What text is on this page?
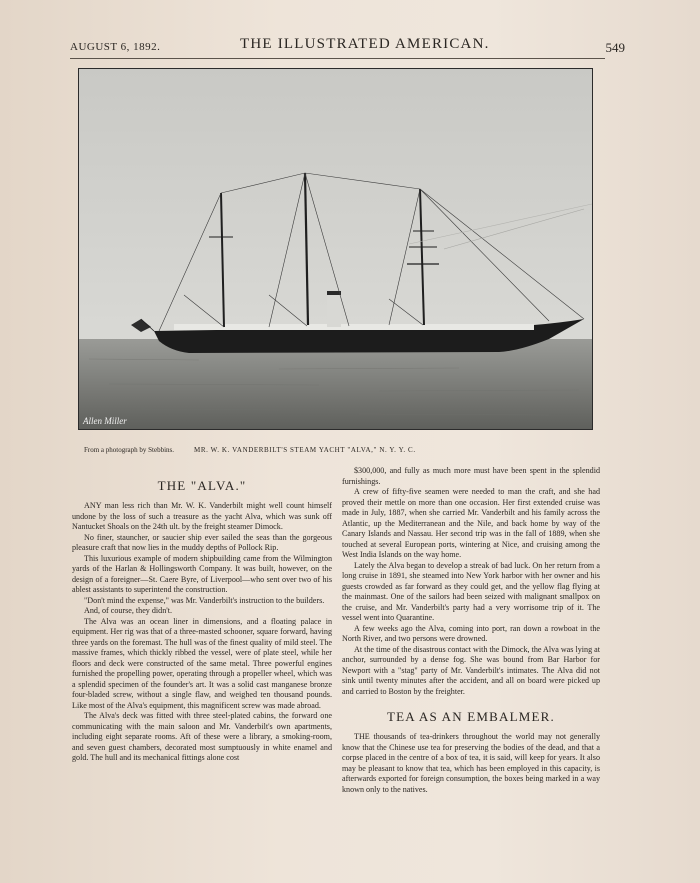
AUGUST 6, 1892.	THE ILLUSTRATED AMERICAN.	549
Allen Miller
From a photograph by Stebbins.	MR. W. K. VANDERBILT'S STEAM YACHT "ALVA," N. Y. Y. C.
THE "ALVA."

ANY man less rich than Mr. W. K. Vanderbilt might well count himself undone by the loss of such a treasure as the yacht Alva, which was sunk off Nantucket Shoals on the 24th ult. by the freight steamer Dimock.

No finer, stauncher, or saucier ship ever sailed the seas than the gorgeous pleasure craft that now lies in the muddy depths of Pollock Rip.

This luxurious example of modern shipbuilding came from the Wilmington yards of the Harlan & Hollingsworth Company. It was built, however, on the design of a foreigner—St. Caere Byre, of Liverpool—who sent over two of his ablest assistants to superintend the construction.

"Don't mind the expense," was Mr. Vanderbilt's instruction to the builders.

And, of course, they didn't.

The Alva was an ocean liner in dimensions, and a floating palace in equipment. Her rig was that of a three-masted schooner, square forward, having three yards on the foremast. The hull was of the finest quality of mild steel. The massive frames, which thickly ribbed the vessel, were of plate steel, while her floors and deck were constructed of the same metal. Three powerful engines furnished the propelling power, operating through a propeller wheel, which was a splendid specimen of the founder's art. It was a solid cast manganese bronze four-bladed screw, without a single flaw, and weighed ten thousand pounds. Like most of the Alva's equipment, this magnificent screw was made abroad.

The Alva's deck was fitted with three steel-plated cabins, the forward one communicating with the main saloon and Mr. Vanderbilt's own apartments, including eight separate rooms. Aft of these were a library, a smoking-room, and seven guest chambers, decorated most sumptuously in white enamel and gold. The hull and its mechanical fittings alone cost

$300,000, and fully as much more must have been spent in the splendid furnishings.

A crew of fifty-five seamen were needed to man the craft, and she had proved their mettle on more than one occasion. Her first extended cruise was made in July, 1887, when she carried Mr. Vanderbilt and his family across the Atlantic, up the Mediterranean and the Nile, and back home by way of the Canary Islands and Nassau. Her second trip was in the fall of 1889, when she touched at several European ports, wintering at Nice, and cruising among the West India Islands on the way home.

Lately the Alva began to develop a streak of bad luck. On her return from a long cruise in 1891, she steamed into New York harbor with her owner and his guests crowded as far forward as they could get, and the yellow flag flying at the mainmast. One of the sailors had been seized with malignant smallpox on the cruise, and Mr. Vanderbilt's party had a very worrisome trip of it. The vessel went into Quarantine.

A few weeks ago the Alva, coming into port, ran down a rowboat in the North River, and two persons were drowned.

At the time of the disastrous contact with the Dimock, the Alva was lying at anchor, surrounded by a dense fog. She was bound from Bar Harbor for Newport with a "stag" party of Mr. Vanderbilt's intimates. The Alva did not sink until twenty minutes after the accident, and all on board were picked up and carried to Boston by the freighter.

TEA AS AN EMBALMER.

THE thousands of tea-drinkers throughout the world may not generally know that the Chinese use tea for preserving the bodies of the dead, and that a corpse placed in the centre of a box of tea, it is said, will keep for years. It also may be pleasant to know that tea, which has been employed in this capacity, is afterwards exported for foreign consumption, the boxes being marked in a way known only to the natives.
